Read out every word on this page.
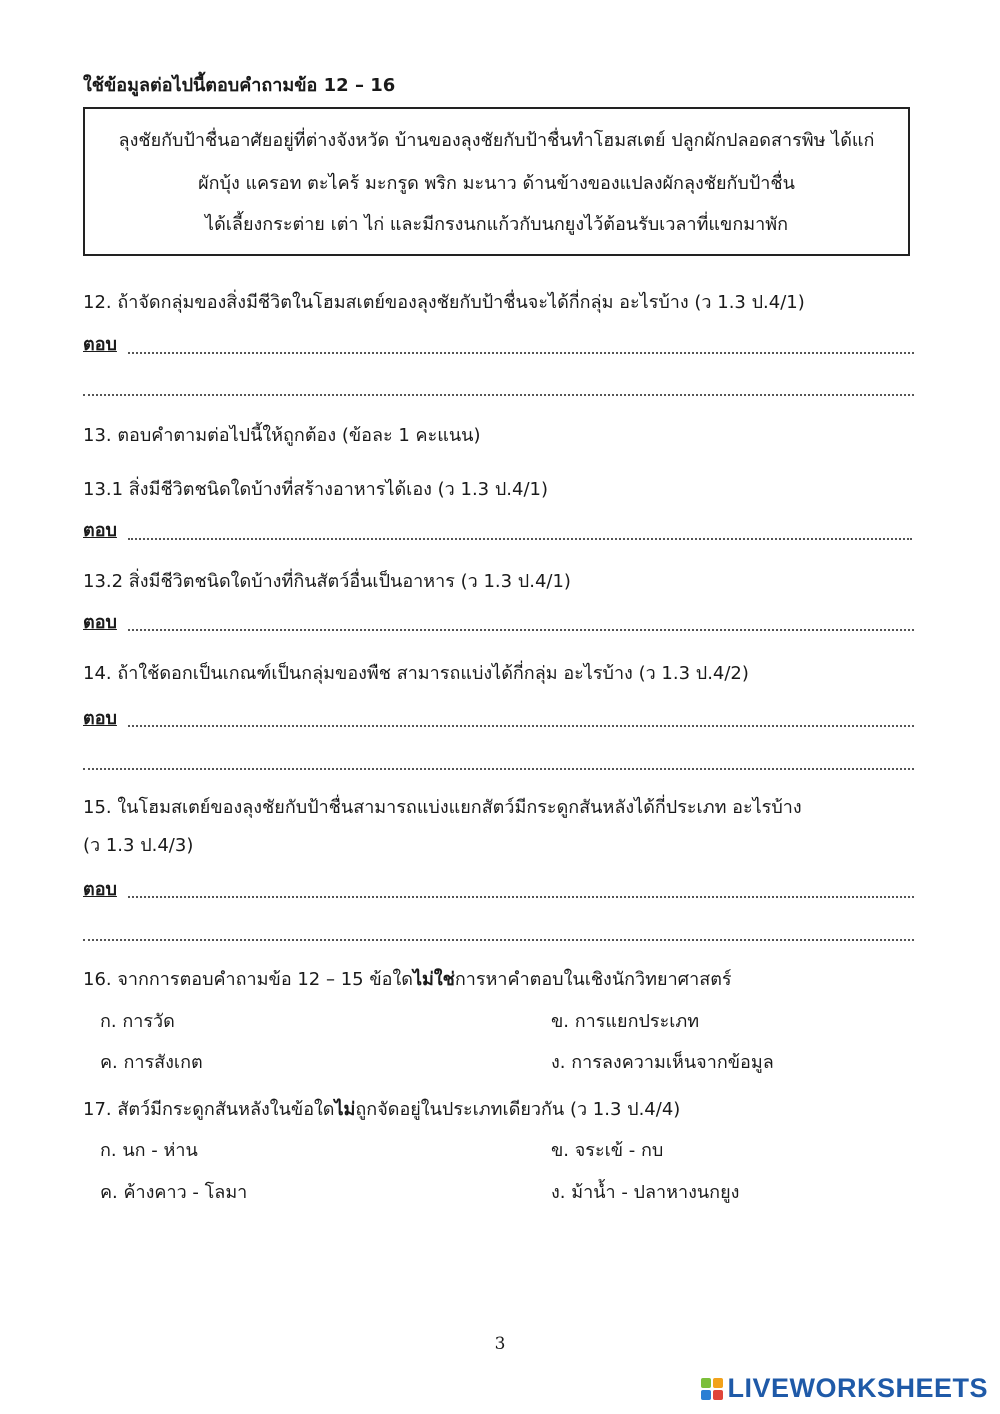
ใช้ข้อมูลต่อไปนี้ตอบคำถามข้อ 12 – 16
ลุงชัยกับป้าชื่นอาศัยอยู่ที่ต่างจังหวัด บ้านของลุงชัยกับป้าชื่นทำโฮมสเตย์ ปลูกผักปลอดสารพิษ ได้แก่
ผักบุ้ง แครอท ตะไคร้ มะกรูด พริก มะนาว ด้านข้างของแปลงผักลุงชัยกับป้าชื่น
ได้เลี้ยงกระต่าย เต่า ไก่ และมีกรงนกแก้วกับนกยูงไว้ต้อนรับเวลาที่แขกมาพัก
12. ถ้าจัดกลุ่มของสิ่งมีชีวิตในโฮมสเตย์ของลุงชัยกับป้าชื่นจะได้กี่กลุ่ม อะไรบ้าง (ว 1.3 ป.4/1)
ตอบ
13. ตอบคำตามต่อไปนี้ให้ถูกต้อง (ข้อละ 1 คะแนน)
13.1 สิ่งมีชีวิตชนิดใดบ้างที่สร้างอาหารได้เอง (ว 1.3 ป.4/1)
ตอบ
13.2 สิ่งมีชีวิตชนิดใดบ้างที่กินสัตว์อื่นเป็นอาหาร (ว 1.3 ป.4/1)
ตอบ
14. ถ้าใช้ดอกเป็นเกณฑ์เป็นกลุ่มของพืช สามารถแบ่งได้กี่กลุ่ม อะไรบ้าง (ว 1.3 ป.4/2)
ตอบ
15. ในโฮมสเตย์ของลุงชัยกับป้าชื่นสามารถแบ่งแยกสัตว์มีกระดูกสันหลังได้กี่ประเภท อะไรบ้าง
(ว 1.3 ป.4/3)
ตอบ
16. จากการตอบคำถามข้อ 12 – 15 ข้อใดไม่ใช่การหาคำตอบในเชิงนักวิทยาศาสตร์
ก. การวัด	ข. การแยกประเภท
ค. การสังเกต	ง. การลงความเห็นจากข้อมูล
17. สัตว์มีกระดูกสันหลังในข้อใดไม่ถูกจัดอยู่ในประเภทเดียวกัน (ว 1.3 ป.4/4)
ก. นก - ห่าน	ข. จระเข้ - กบ
ค. ค้างคาว - โลมา	ง. ม้าน้ำ - ปลาหางนกยูง
3
LIVEWORKSHEETS
